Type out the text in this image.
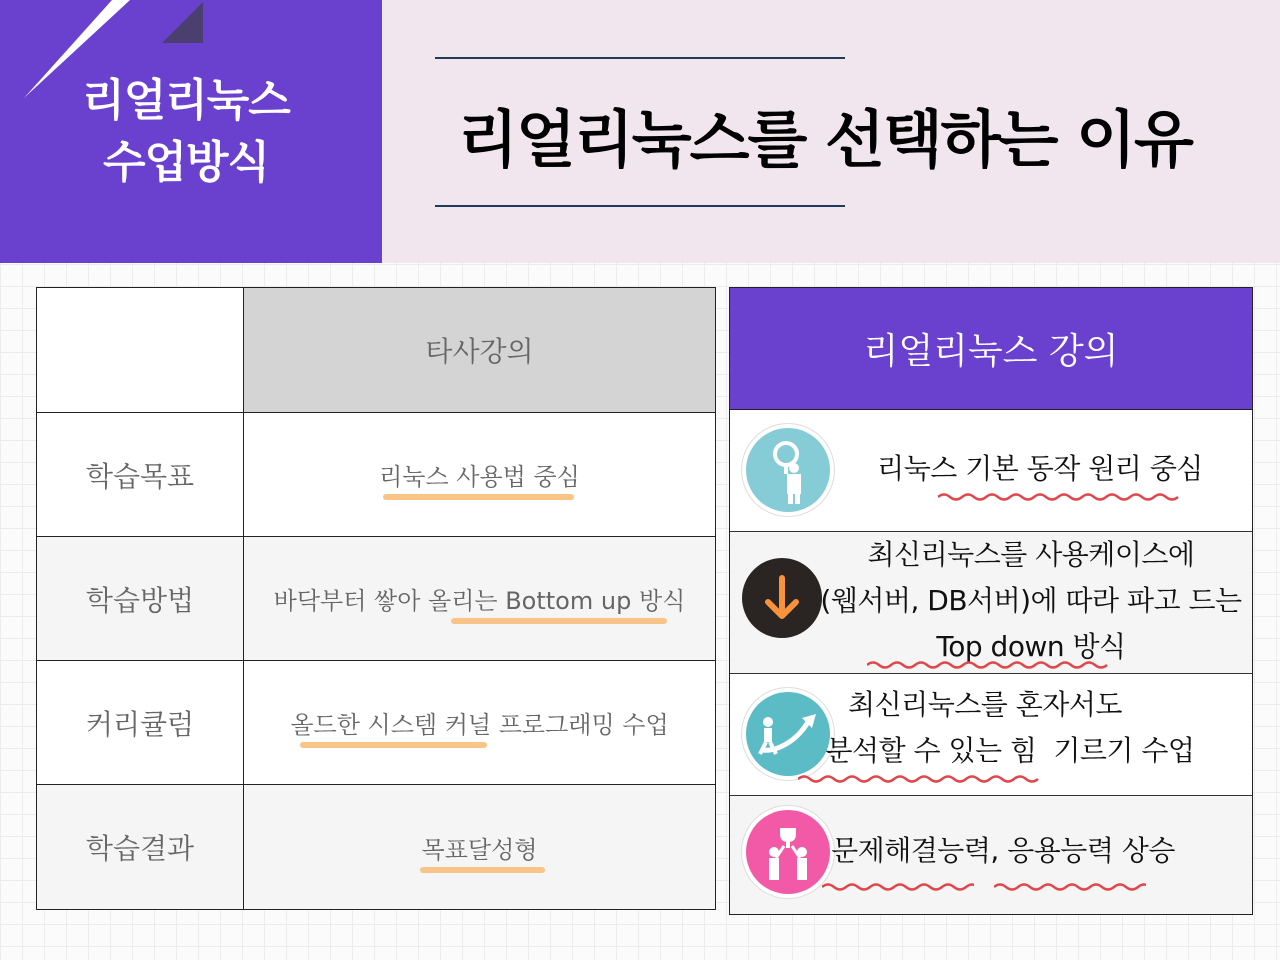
리얼리눅스
수업방식	리얼리눅스를 선택하는 이유
타사강의
학습목표	리눅스 사용법 중심
학습방법	바닥부터 쌓아 올 리는 Bottom up 방식
커리큘럼	올드한 시스템 커널 프로그래밍 수업
학습결과	목표달성형
리얼리눅스 강의
리눅스 기본 동작 원리 중심
최신리눅스를 사용케이스에
(웹서버, DB서버)에 따라 파고 드는
Top down 방식
최신리눅스를 혼자서도
분석할 수 있는 힘  기르기 수업
문제해결능력, 응용능력 상승
